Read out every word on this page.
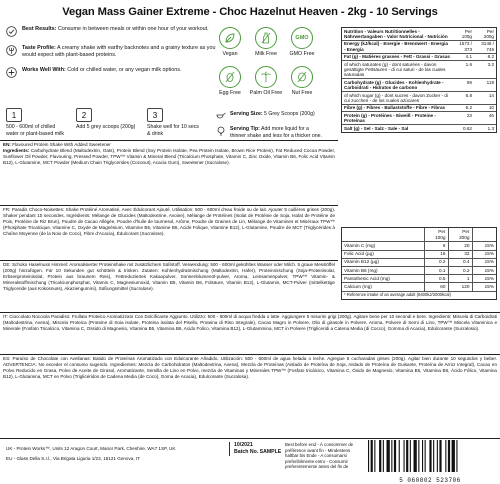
Vegan Mass Gainer Extreme - Choc Hazelnut Heaven - 2kg - 10 Servings
Best Results: Consume in between meals or within one hour of your workout.
Taste Profile: A creamy shake with earthy backnotes and a grainy texture as you would expect with plant-based proteins.
Works Well With: Cold or chilled water, or any vegan milk options.
Vegan	Milk Free
GMO
GMO Free
Egg Free	Palm Oil Free	Nut Free
1
500 - 600ml of chilled water or plant-based milk
2
Add 5 grey scoops (200g)
3
Shake well for 10 secs & drink
Serving Size: 5 Grey Scoops (200g)
Serving Tip: Add more liquid for a thinner shake and less for a thicker one.
Nutrition - Valeurs Nutritionnelles - Nährwertangaben - Valor Nutricional - Nutrición	Per 100g	Per 200g
Energy (kJ/kcal) - Energie - Brennwert - Energia - Energía	1573 / 373	3146 / 746
Fat (g) - Matières grasses - Fett - Grassi - Grasas	4.1	8.2
of which saturates (g) - dont saturées - davon gesättigte Fettsäuren - di cui saturi - de las cuales saturadas	1.6	3.2
Carbohydrate (g) - Glucides - Kohlenhydrate - Carboidrati - Hidratos de carbono	59	119
of which sugar (g) - dont sucres - davon Zucker - di cui zuccheri - de los cuales azúcares	6.8	14
Fibre (g) - Fibres - Ballaststoffe - Fibre - Fibras	5.2	10
Protein (g) - Protéines - Eiweiß - Proteine - Proteínas	23	46
Salt (g) - Sel - Salz - Sale - Sal	0.62	1.3
	Per 100g	Per 200g	
Vitamin C (mg)	6	20	15%
Folic Acid (µg)	16	32	15%
Vitamin B12 (µg)	0.2	0.4	15%
Vitamin B6 (mg)	0.1	0.2	15%
Pantothenic Acid (mg)	0.5	1	15%
Calcium (mg)	60	120	15%
* Reference intake of an average adult (8400kJ/2000kcal)			
EN: Flavoured Protein Shake With Added Sweetener
Ingredients: Carbohydrate Blend (Maltodextrin, Oats), Protein Blend (Soy Protein Isolate, Pea Protein Isolate, Brown Rice Protein), Fat Reduced Cocoa Powder, Sunflower Oil Powder, Flavouring, Pressed Powder, TPW™ Vitamin & Mineral Blend (Tricalcium Phosphate, Vitamin C, Zinc Oxide, Vitamin B6, Folic Acid Vitamin B12), L-Glutamine, MCT Powder (Medium Chain Triglycerides (Coconut), Acacia Gum), Sweetener (Sucralose).
FR: Paradis Choco-Noisettes: Shake Protéiné Aromatisé, Avec Édulcorant Ajouté. Utilisation: 500 - 600ml d'eau froide ou de lait. Ajouter 5 cuillères grises (200g). Shaker pendant 10 secondes. Ingrédients: Mélange de Glucides (Maltodextrine, Avoine), Mélange de Protéines (Isolat de Protéine de Soja, Isolat de Protéine de Pois, Protéine de Riz Brun), Poudre de Cacao Allégée, Poudre d'huile de tournesol, Arôme, Poudre de Graines de Lin, Mélange de Vitamines et Minéraux TPW™ (Phosphate Tricalcique, Vitamine C, Oxyde de Magnésium, Vitamine B5, Vitamine B6, Acide Folique, Vitamine B12), L-Glutamine, Poudre de MCT (Triglycérides à Chaîne Moyenne (de la Noix de Coco), Fibre d'Acacia), Édulcorant (Sucralose).
DE: Schoko Haselnuss Himmel: Aromatisierter Proteinshake mit zusätzlichem Süßstoff. Verwendung: 500 - 600ml gekühltes Wasser oder Milch. 5 graue Messlöffel (200g) hinzufügen. Für 10 Sekunden gut schütteln & trinken. Zutaten: Kohlenhydratmischung (Maltodextrin, Hafer), Proteinmischung (Soja-Proteinisolat, Erbsenproteinisolat, Protein aus braunem Reis), Fettreduziertes Kakaopulver, Sonnenblumenöl-pulver, Aroma, Leinsamenpulver, TPW™ Vitamin- & Mineralstoffmischung (Tricalciumphosphat, Vitamin C, Magnesiumoxid, Vitamin B5, Vitamin B6, Folsäure, Vitamin B12), L-Glutamin, MCT-Pulver (mittelkettige Triglyceride (aus Kokosnuss), Akaziengummi), Süßungsmittel (Sucralose).
IT: Cioccolato Nocciola Paradiso: Frullato Proteico Aromatizzato Con Dolcificante Aggiunto. Utilizzo: 500 - 600ml di acqua fredda o latte. Aggiungere 5 misurini grigi (200g). Agitare bene per 10 secondi e bere. Ingredienti: Miscela di Carboidrati (Maltodestrina, Avena), Miscela Proteica (Proteine di Soia isolate, Proteina isolata del Pisello, Proteina di Riso Integrale), Cacao Magro in Polvere, Olio di girasole in Polvere, Aroma, Polvere di Semi di Lino, TPW™ Miscela Vitaminica e Minerale (Fosfato Tricalcico, Vitamina C, Ossido di Magnesio, Vitamina B5, Vitamina B6, Acido Folico, Vitamina B12), L-Glutammina, MCT in Polvere (Trigliceridi a Catena Media (di Cocco), Gomma di Acacia), Edulcorante (Sucralosio).
ES: Paraíso de Chocolate con Avellanas: Batido de Proteínas Aromatizado con Edulcorante Añadido. Utilización: 500 - 600ml de agua helada o leche. Agregue 5 cucharadas grises (200g). Agitar bien durante 10 segundos y beber. ADVERTENCIA: No exceder el consumo sugerido. Ingredientes: Mezcla de Carbohidratos (Maltodextrina, Avena), Mezcla de Proteínas (Aislado de Proteína de Soja, Aislado de Proteína de Guisante, Proteína de Arroz Integral), Cacao en Polvo Reducido en Grasa, Polvo de Aceite de Girasol, Aromatizante, Semilla de Lino en Polvo, mezcla de Vitaminas y Minerales TPW™ (Fosfato tricálcico, Vitamina C, Óxido de Magnesio, Vitamina B5, Vitamina B6, Ácido Fólico, Vitamina B12), L-Glutamina, MCT en Polvo (Triglicéridos de Cadena Media (de Coco), Goma de Acacia), Edulcorante (Sucralosa).
UK - Protein Works™, Units 12 Aragon Court, Manor Park, Cheshire, WA7 1SP, UK
EU - Glass Della S.r.l., Via Brigata Liguria 1/23, 16121 Genova, IT
10/2021
Batch No. SAMPLE
Best before end - À consommer de préférence avant fin - Mindestens haltbar bis Ende - A consumarsi preferibilmente entro - Consumir preferentemente antes del fin de
5 060802 523706
